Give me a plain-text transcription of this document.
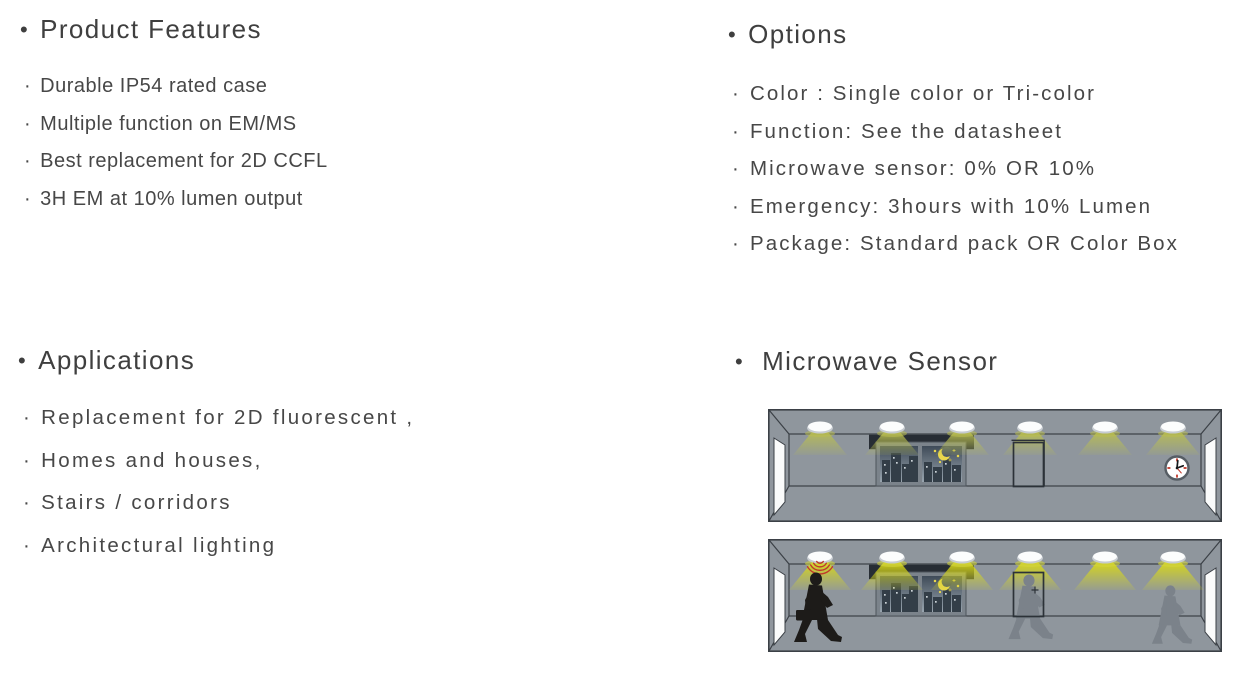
• Product Features
· Durable IP54 rated case
· Multiple function on EM/MS
· Best replacement for 2D CCFL
· 3H EM at 10% lumen output
• Options
· Color : Single color or Tri-color
· Function: See the datasheet
· Microwave sensor: 0% OR 10%
· Emergency: 3hours with 10% Lumen
· Package: Standard pack OR Color Box
• Applications
· Replacement for 2D fluorescent ,
· Homes and houses,
· Stairs / corridors
· Architectural lighting
• Microwave Sensor
